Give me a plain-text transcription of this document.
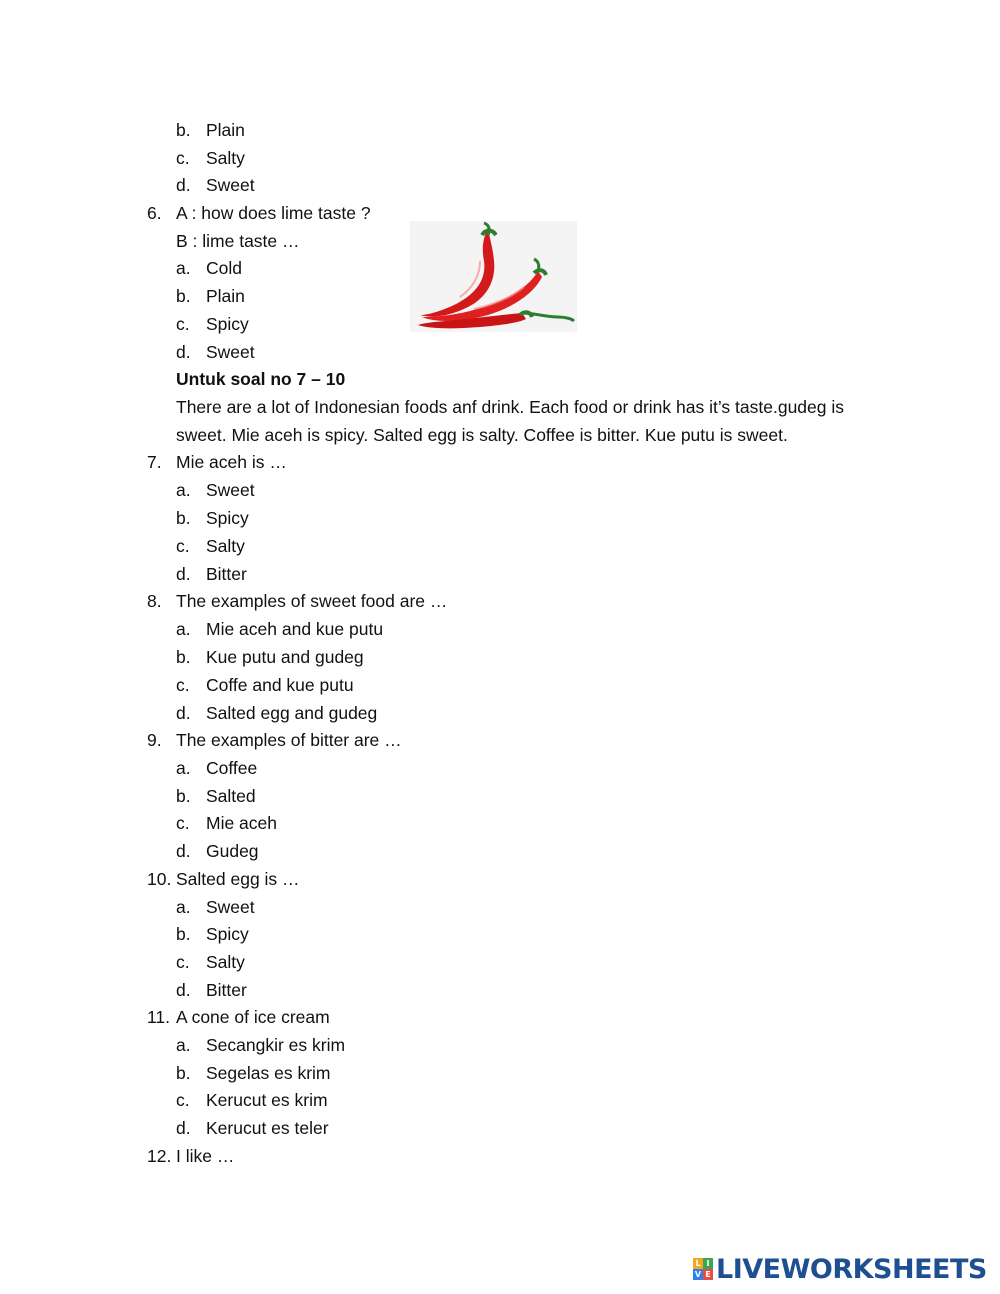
b. Plain
c. Salty
d. Sweet
6. A : how does lime taste ?
B : lime taste …
a. Cold
b. Plain
c. Spicy
d. Sweet
Untuk soal no 7 – 10
There are a lot of Indonesian foods anf drink. Each food or drink has it’s taste.gudeg is sweet. Mie aceh is spicy. Salted egg is salty. Coffee is bitter. Kue putu is sweet.
7. Mie aceh is …
a. Sweet
b. Spicy
c. Salty
d. Bitter
8. The examples of sweet food are …
a. Mie aceh and kue putu
b. Kue putu and gudeg
c. Coffe and kue putu
d. Salted egg and gudeg
9. The examples of bitter are …
a. Coffee
b. Salted
c. Mie aceh
d. Gudeg
10. Salted egg is …
a. Sweet
b. Spicy
c. Salty
d. Bitter
11. A cone of ice cream
a. Secangkir es krim
b. Segelas es krim
c. Kerucut es krim
d. Kerucut es teler
12. I like …
L I
V E LIVEWORKSHEETS
